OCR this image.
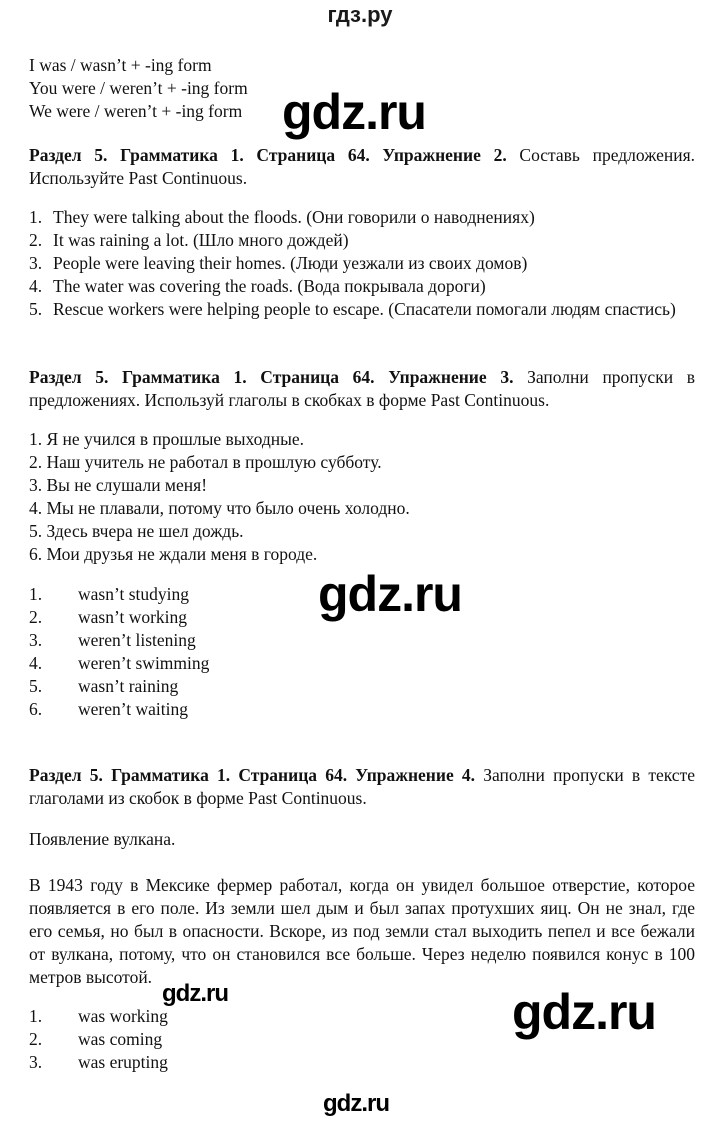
гдз.ру
I was / wasn’t + -ing form
You were / weren’t + -ing form
We were / weren’t + -ing form gdz.ru
Раздел 5. Грамматика 1. Страница 64. Упражнение 2. Составь предложения. Используйте Past Continuous.
1. They were talking about the floods. (Они говорили о наводнениях)
2. It was raining a lot. (Шло много дождей)
3. People were leaving their homes. (Люди уезжали из своих домов)
4. The water was covering the roads. (Вода покрывала дороги)
5. Rescue workers were helping people to escape. (Спасатели помогали людям спастись)
Раздел 5. Грамматика 1. Страница 64. Упражнение 3. Заполни пропуски в предложениях. Используй глаголы в скобках в форме Past Continuous.
1. Я не учился в прошлые выходные.
2. Наш учитель не работал в прошлую субботу.
3. Вы не слушали меня!
4. Мы не плавали, потому что было очень холодно.
5. Здесь вчера не шел дождь.
6. Мои друзья не ждали меня в городе.
gdz.ru
1. wasn’t studying
2. wasn’t working
3. weren’t listening
4. weren’t swimming
5. wasn’t raining
6. weren’t waiting
Раздел 5. Грамматика 1. Страница 64. Упражнение 4. Заполни пропуски в тексте глаголами из скобок в форме Past Continuous.
Появление вулкана.
В 1943 году в Мексике фермер работал, когда он увидел большое отверстие, которое появляется в его поле. Из земли шел дым и был запах протухших яиц. Он не знал, где его семья, но был в опасности. Вскоре, из под земли стал выходить пепел и все бежали от вулкана, потому, что он становился все больше. Через неделю появился конус в 100 метров высотой.
gdz.ru	gdz.ru
1. was working
2. was coming
3. was erupting
gdz.ru
